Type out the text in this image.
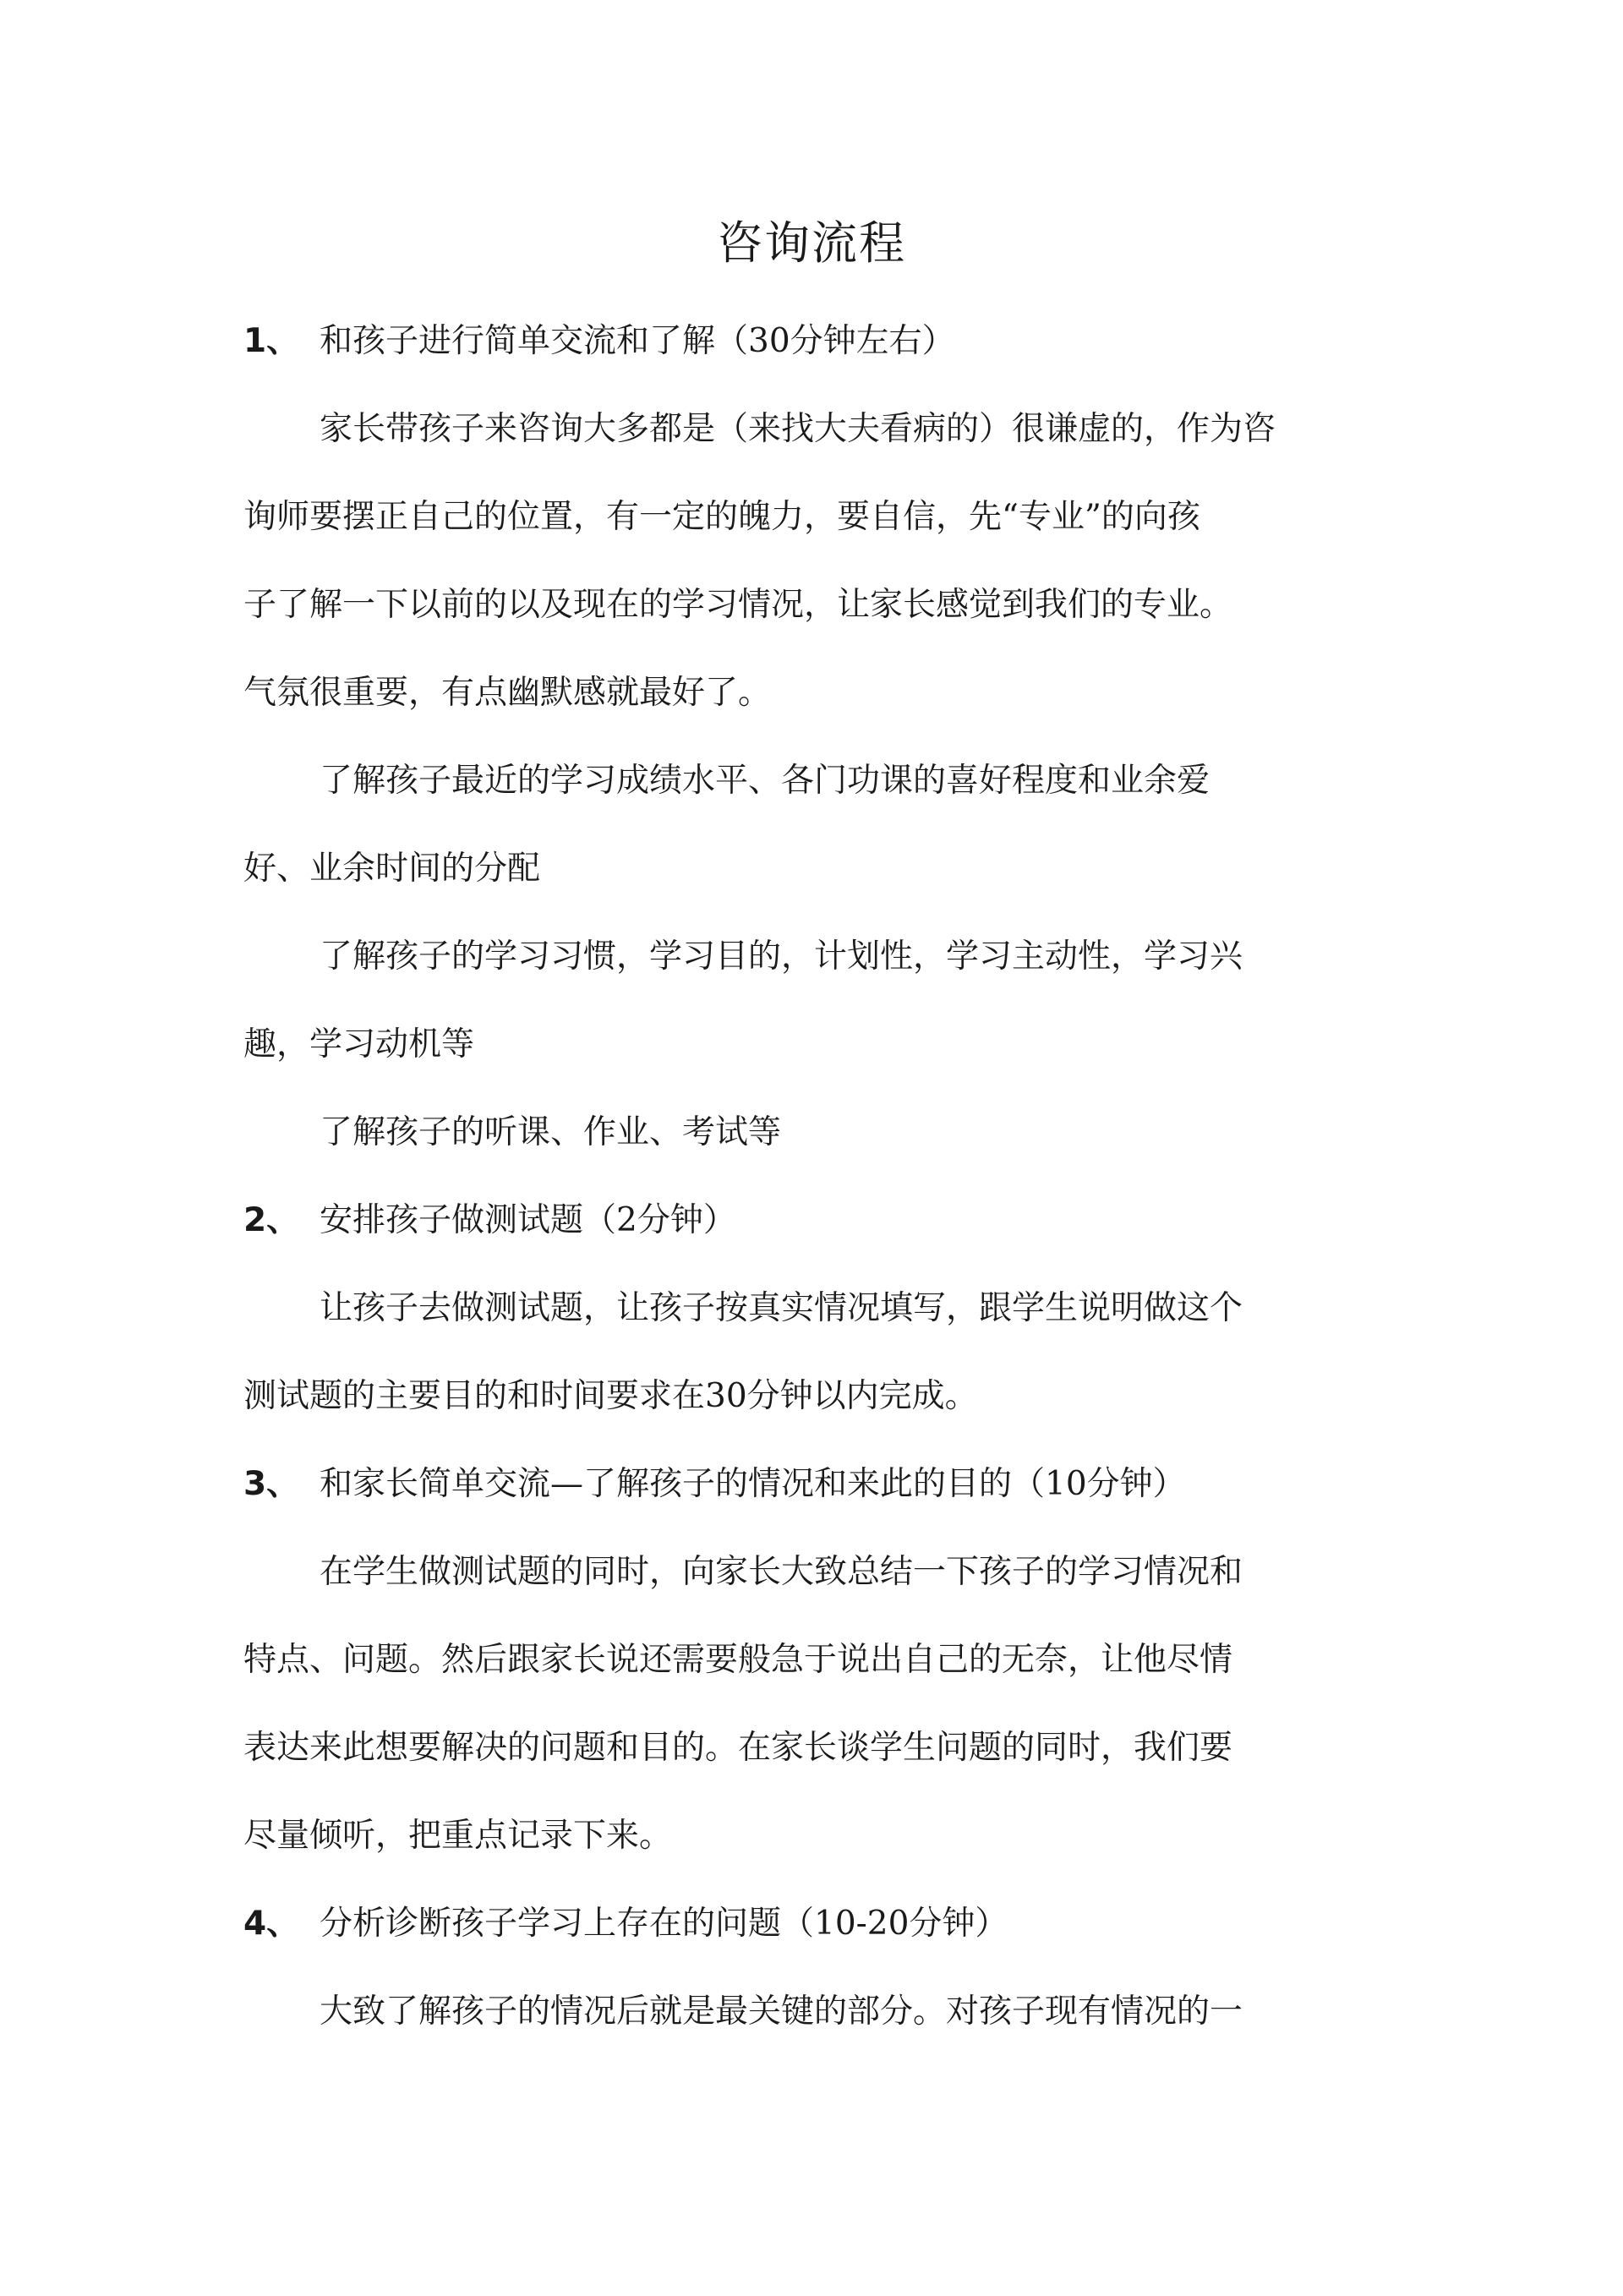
咨询流程
1、 和孩子进行简单交流和了解（30分钟左右）
家长带孩子来咨询大多都是（来找大夫看病的）很谦虚的，作为咨
询师要摆正自己的位置，有一定的魄力，要自信，先“专业”的向孩
子了解一下以前的以及现在的学习情况，让家长感觉到我们的专业。
气氛很重要，有点幽默感就最好了。
了解孩子最近的学习成绩水平、各门功课的喜好程度和业余爱
好、业余时间的分配
了解孩子的学习习惯，学习目的，计划性，学习主动性，学习兴
趣，学习动机等
了解孩子的听课、作业、考试等
2、 安排孩子做测试题（2分钟）
让孩子去做测试题，让孩子按真实情况填写，跟学生说明做这个
测试题的主要目的和时间要求在30分钟以内完成。
3、 和家长简单交流—了解孩子的情况和来此的目的（10分钟）
在学生做测试题的同时，向家长大致总结一下孩子的学习情况和
特点、问题。然后跟家长说还需要般急于说出自己的无奈，让他尽情
表达来此想要解决的问题和目的。在家长谈学生问题的同时，我们要
尽量倾听，把重点记录下来。
4、 分析诊断孩子学习上存在的问题（10-20分钟）
大致了解孩子的情况后就是最关键的部分。对孩子现有情况的一
